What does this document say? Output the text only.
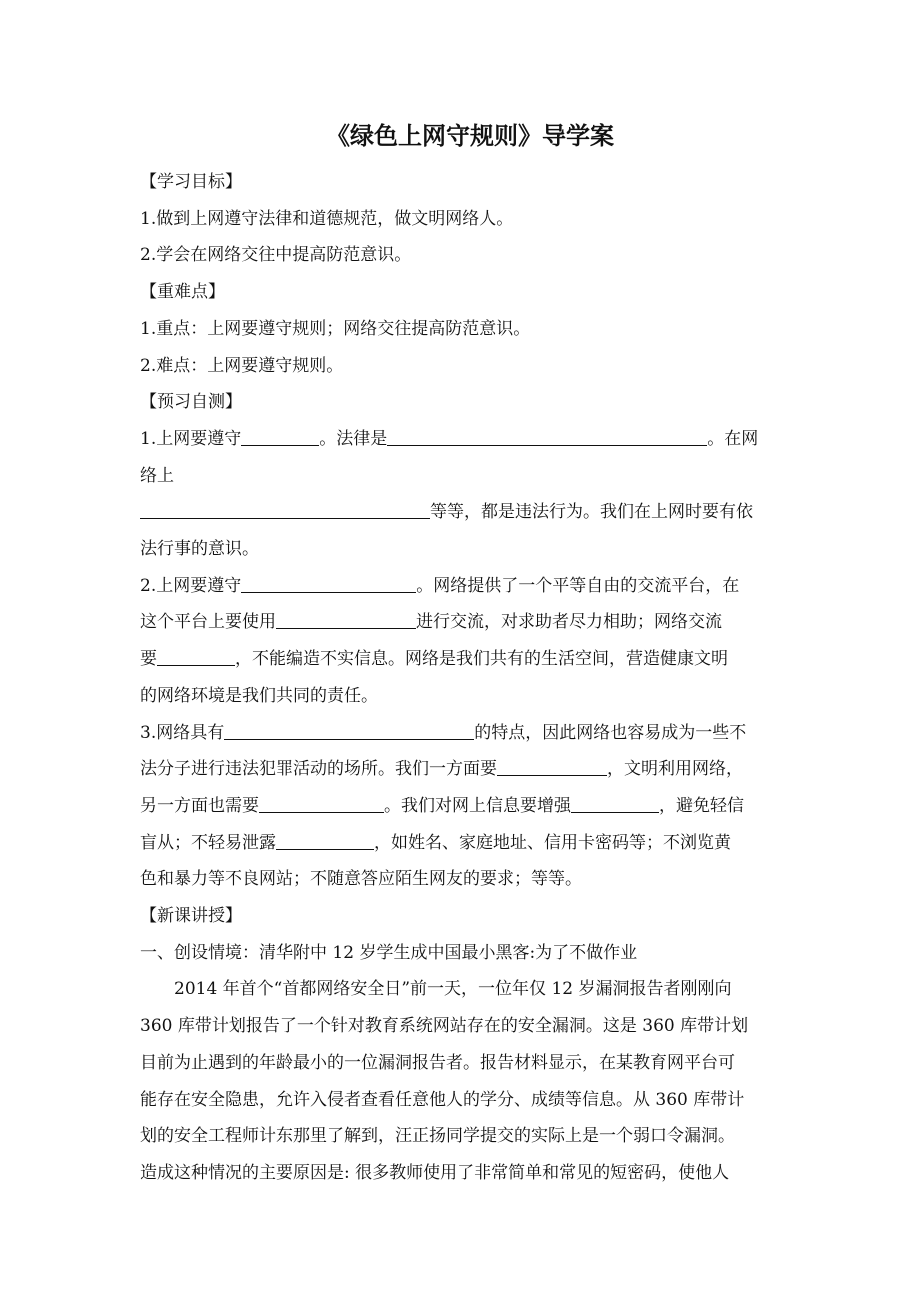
《绿色上网守规则》导学案

【学习目标】

1.做到上网遵守法律和道德规范，做文明网络人。

2.学会在网络交往中提高防范意识。

【重难点】

1.重点：上网要遵守规则；网络交往提高防范意识。

2.难点：上网要遵守规则。

【预习自测】

1.上网要遵守	。法律是	。在网

络上

等等，都是违法行为。我们在上网时要有依

法行事的意识。

2.上网要遵守	。网络提供了一个平等自由的交流平台，在

这个平台上要使用	进行交流，对求助者尽力相助；网络交流

要	，不能编造不实信息。网络是我们共有的生活空间，营造健康文明

的网络环境是我们共同的责任。

3.网络具有	的特点，因此网络也容易成为一些不

法分子进行违法犯罪活动的场所。我们一方面要	，文明利用网络，

另一方面也需要	。我们对网上信息要增强	，避免轻信

盲从；不轻易泄露	，如姓名、家庭地址、信用卡密码等；不浏览黄

色和暴力等不良网站；不随意答应陌生网友的要求；等等。

【新课讲授】

一、创设情境：清华附中 12 岁学生成中国最小黑客:为了不做作业

2014 年首个“首都网络安全日”前一天，一位年仅 12 岁漏洞报告者刚刚向

360 库带计划报告了一个针对教育系统网站存在的安全漏洞。这是 360 库带计划

目前为止遇到的年龄最小的一位漏洞报告者。报告材料显示，在某教育网平台可

能存在安全隐患，允许入侵者查看任意他人的学分、成绩等信息。从 360 库带计

划的安全工程师计东那里了解到，汪正扬同学提交的实际上是一个弱口令漏洞。

造成这种情况的主要原因是: 很多教师使用了非常简单和常见的短密码，使他人
